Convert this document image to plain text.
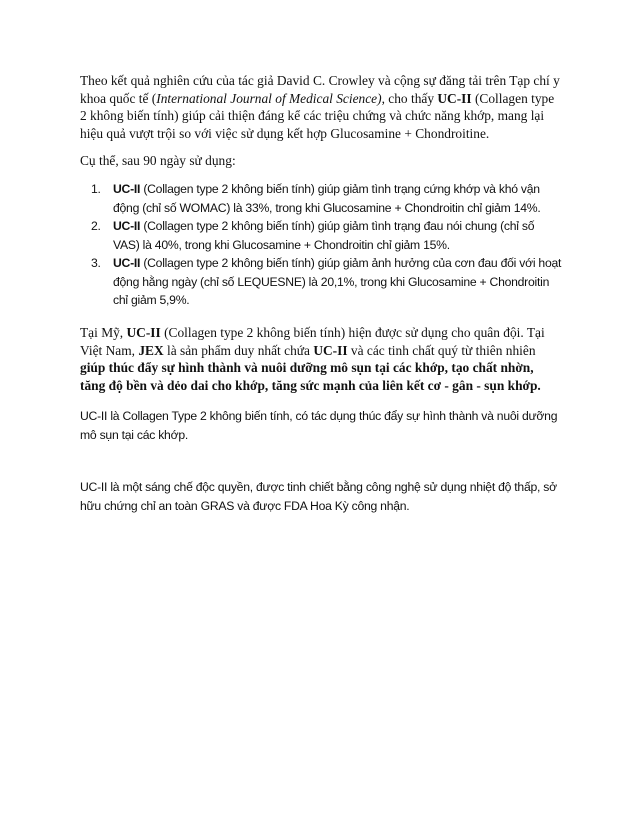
Theo kết quả nghiên cứu của tác giả David C. Crowley và cộng sự đăng tải trên Tạp chí y khoa quốc tế (International Journal of Medical Science), cho thấy UC-II (Collagen type 2 không biến tính) giúp cải thiện đáng kể các triệu chứng và chức năng khớp, mang lại hiệu quả vượt trội so với việc sử dụng kết hợp Glucosamine + Chondroitine.

Cụ thể, sau 90 ngày sử dụng:

1. UC-II (Collagen type 2 không biến tính) giúp giảm tình trạng cứng khớp và khó vận động (chỉ số WOMAC) là 33%, trong khi Glucosamine + Chondroitin chỉ giảm 14%.
2. UC-II (Collagen type 2 không biến tính) giúp giảm tình trạng đau nói chung (chỉ số VAS) là 40%, trong khi Glucosamine + Chondroitin chỉ giảm 15%.
3. UC-II (Collagen type 2 không biến tính) giúp giảm ảnh hưởng của cơn đau đối với hoạt động hằng ngày (chỉ số LEQUESNE) là 20,1%, trong khi Glucosamine + Chondroitin chỉ giảm 5,9%.

Tại Mỹ, UC-II (Collagen type 2 không biến tính) hiện được sử dụng cho quân đội. Tại Việt Nam, JEX là sản phẩm duy nhất chứa UC-II và các tinh chất quý từ thiên nhiên giúp thúc đẩy sự hình thành và nuôi dưỡng mô sụn tại các khớp, tạo chất nhờn, tăng độ bền và dẻo dai cho khớp, tăng sức mạnh của liên kết cơ - gân - sụn khớp.

UC-II là Collagen Type 2 không biến tính, có tác dụng thúc đẩy sự hình thành và nuôi dưỡng mô sụn tại các khớp.

UC-II là một sáng chế độc quyền, được tinh chiết bằng công nghệ sử dụng nhiệt độ thấp, sở hữu chứng chỉ an toàn GRAS và được FDA Hoa Kỳ công nhận.
